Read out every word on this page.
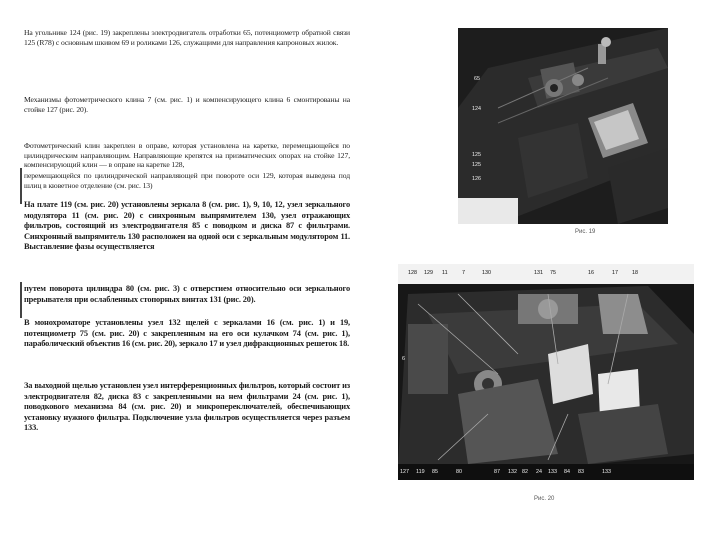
На угольнике 124 (рис. 19) закреплены электродвигатель отработки 65, потенциометр обратной связи 125 (R78) с основным шкивом 69 и роликами 126, служащими для направления капроновых жилок.

Механизмы фотометрического клина 7 (см. рис. 1) и компенсирующего клина 6 смонтированы на стойке 127 (рис. 20).

Фотометрический клин закреплен в оправе, которая установлена на каретке, перемещающейся по цилиндрическим направляющим. Направляющие крепятся на призматических опорах на стойке 127, компенсирующий клин — в оправе на каретке 128,

перемещающейся по цилиндрической направляющей при повороте оси 129, которая выведена под шлиц в кюветное отделение (см. рис. 13)

На плате 119 (см. рис. 20) установлены зеркала 8 (см. рис. 1), 9, 10, 12, узел зеркального модулятора 11 (см. рис. 20) с синхронным выпрямителем 130, узел отражающих фильтров, состоящий из электродвигателя 85 с поводком и диска 87 с фильтрами. Синхронный выпрямитель 130 расположен на одной оси с зеркальным модулятором 11. Выставление фазы осуществляется

путем поворота цилиндра 80 (см. рис. 3) с отверстием относительно оси зеркального прерывателя при ослабленных стопорных винтах 131 (рис. 20).

В монохроматоре установлены узел 132 щелей с зеркалами 16 (см. рис. 1) и 19, потенциометр 75 (см. рис. 20) с закрепленным на его оси кулачком 74 (см. рис. 1), параболический объектив 16 (см. рис. 20), зеркало 17 и узел дифракционных решеток 18.

За выходной щелью установлен узел интерференционных фильтров, который состоит из электродвигателя 82, диска 83 с закрепленными на нем фильтрами 24 (см. рис. 1), поводкового механизма 84 (см. рис. 20) и микропереключателей, обеспечивающих установку нужного фильтра. Подключение узла фильтров осуществляется через разъем 133.

65
124
125
125
126
Рис. 19
128 129 11	7	130	131 75	16	17	18
6
127 119 85	80	87 132 82 24 133 84 83	133
Рис. 20
